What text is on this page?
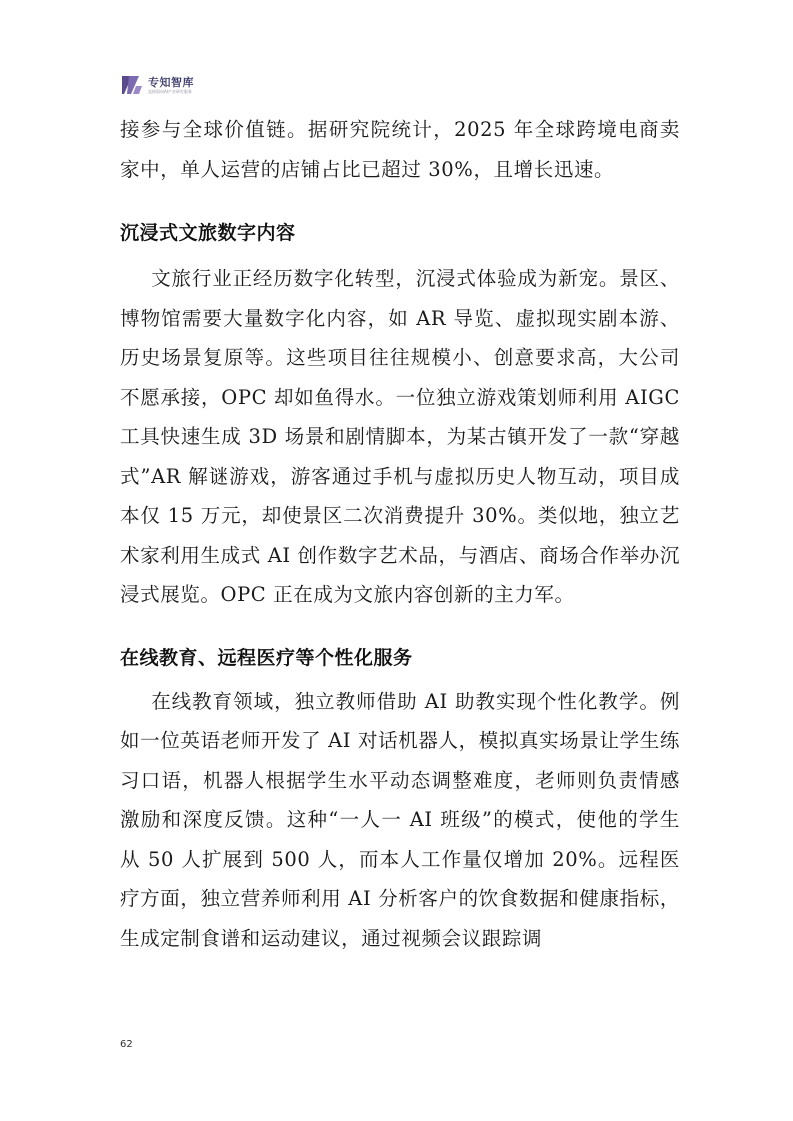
专知智库
直接面向AI产业研究服务

接参与全球价值链。据研究院统计，2025 年全球跨境电商卖家中，单人运营的店铺占比已超过 30%，且增长迅速。

沉浸式文旅数字内容

文旅行业正经历数字化转型，沉浸式体验成为新宠。景区、博物馆需要大量数字化内容，如 AR 导览、虚拟现实剧本游、历史场景复原等。这些项目往往规模小、创意要求高，大公司不愿承接，OPC 却如鱼得水。一位独立游戏策划师利用 AIGC 工具快速生成 3D 场景和剧情脚本，为某古镇开发了一款“穿越式”AR 解谜游戏，游客通过手机与虚拟历史人物互动，项目成本仅 15 万元，却使景区二次消费提升 30%。类似地，独立艺术家利用生成式 AI 创作数字艺术品，与酒店、商场合作举办沉浸式展览。OPC 正在成为文旅内容创新的主力军。

在线教育、远程医疗等个性化服务

在线教育领域，独立教师借助 AI 助教实现个性化教学。例如一位英语老师开发了 AI 对话机器人，模拟真实场景让学生练习口语，机器人根据学生水平动态调整难度，老师则负责情感激励和深度反馈。这种“一人一 AI 班级”的模式，使他的学生从 50 人扩展到 500 人，而本人工作量仅增加 20%。远程医疗方面，独立营养师利用 AI 分析客户的饮食数据和健康指标，生成定制食谱和运动建议，通过视频会议跟踪调

62
